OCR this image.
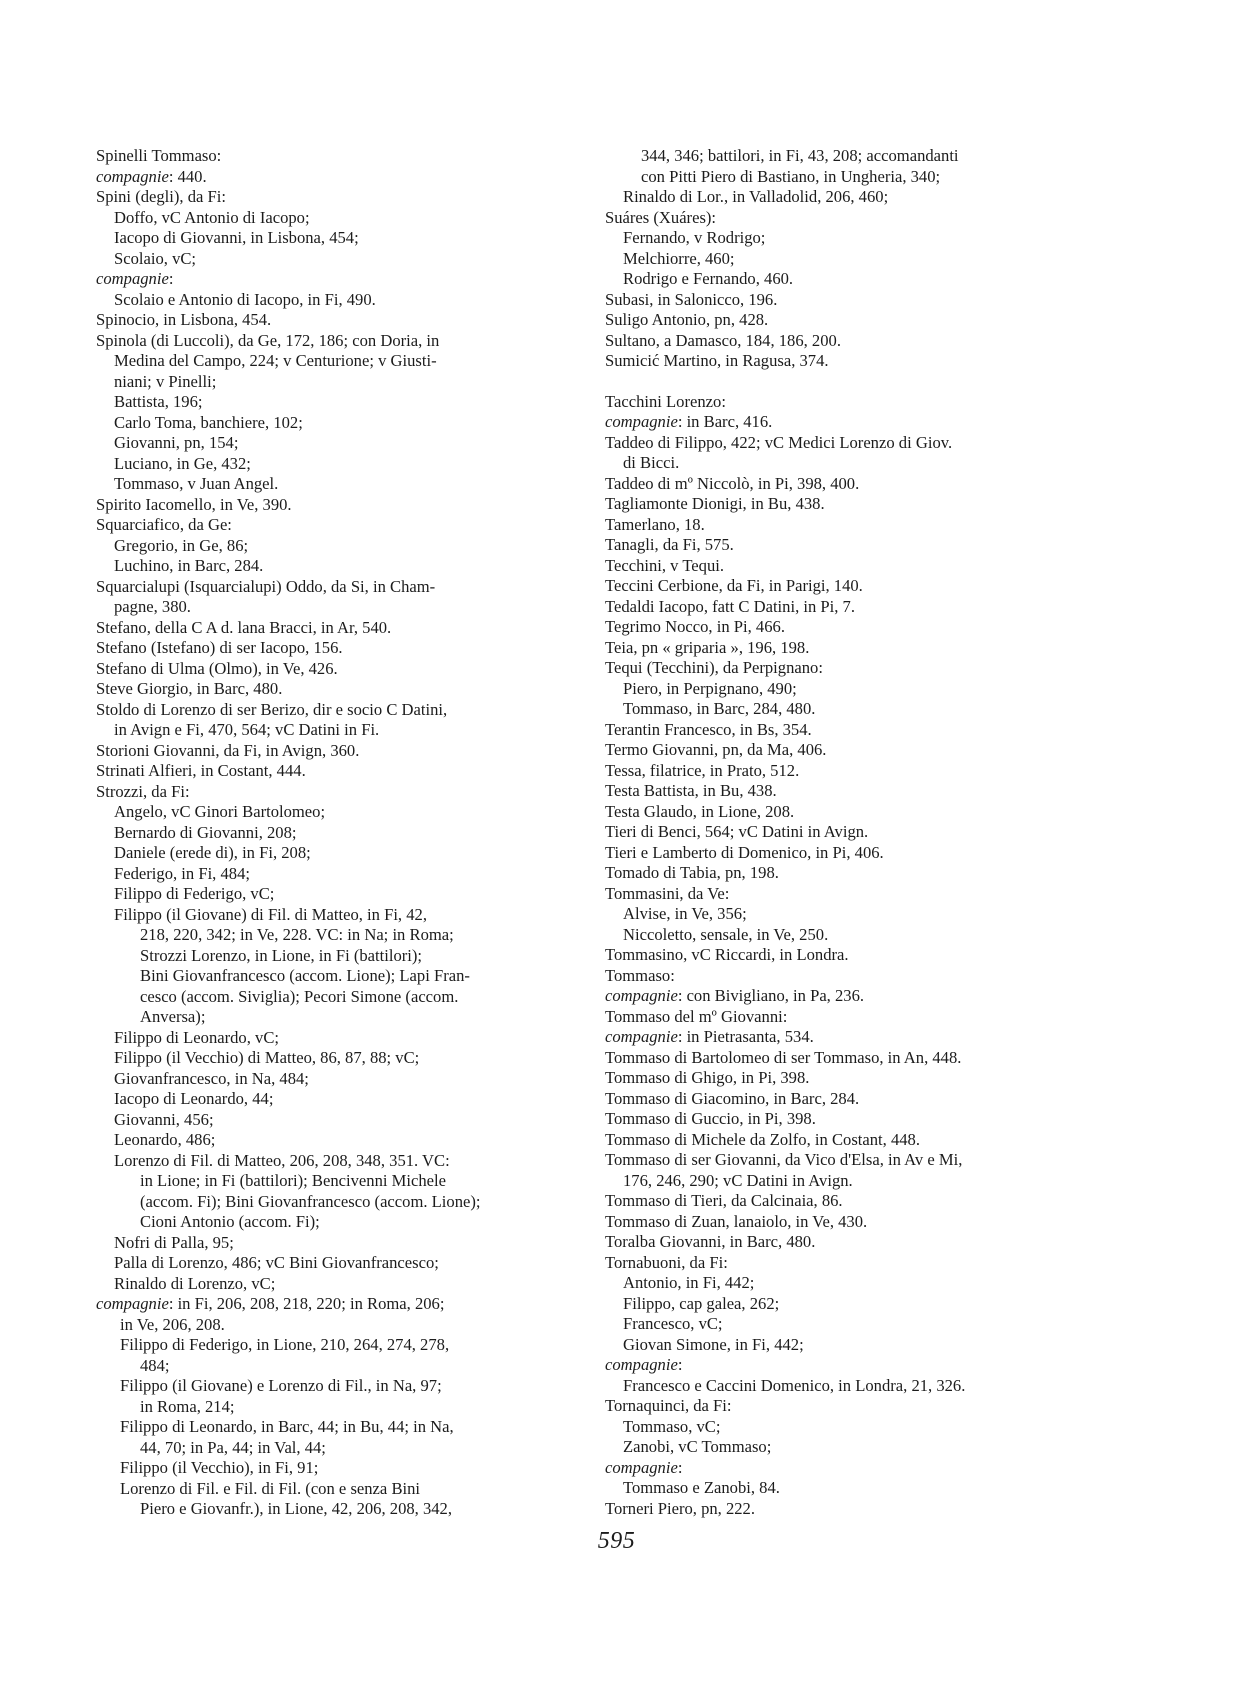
Spinelli Tommaso:
compagnie: 440.
Spini (degli), da Fi:
Doffo, vC Antonio di Iacopo;
Iacopo di Giovanni, in Lisbona, 454;
Scolaio, vC;
compagnie:
Scolaio e Antonio di Iacopo, in Fi, 490.
Spinocio, in Lisbona, 454.
Spinola (di Luccoli), da Ge, 172, 186; con Doria, in
Medina del Campo, 224; v Centurione; v Giusti-
niani; v Pinelli;
Battista, 196;
Carlo Toma, banchiere, 102;
Giovanni, pn, 154;
Luciano, in Ge, 432;
Tommaso, v Juan Angel.
Spirito Iacomello, in Ve, 390.
Squarciafico, da Ge:
Gregorio, in Ge, 86;
Luchino, in Barc, 284.
Squarcialupi (Isquarcialupi) Oddo, da Si, in Cham-
pagne, 380.
Stefano, della C A d. lana Bracci, in Ar, 540.
Stefano (Istefano) di ser Iacopo, 156.
Stefano di Ulma (Olmo), in Ve, 426.
Steve Giorgio, in Barc, 480.
Stoldo di Lorenzo di ser Berizo, dir e socio C Datini,
in Avign e Fi, 470, 564; vC Datini in Fi.
Storioni Giovanni, da Fi, in Avign, 360.
Strinati Alfieri, in Costant, 444.
Strozzi, da Fi:
Angelo, vC Ginori Bartolomeo;
Bernardo di Giovanni, 208;
Daniele (erede di), in Fi, 208;
Federigo, in Fi, 484;
Filippo di Federigo, vC;
Filippo (il Giovane) di Fil. di Matteo, in Fi, 42,
218, 220, 342; in Ve, 228. VC: in Na; in Roma;
Strozzi Lorenzo, in Lione, in Fi (battilori);
Bini Giovanfrancesco (accom. Lione); Lapi Fran-
cesco (accom. Siviglia); Pecori Simone (accom.
Anversa);
Filippo di Leonardo, vC;
Filippo (il Vecchio) di Matteo, 86, 87, 88; vC;
Giovanfrancesco, in Na, 484;
Iacopo di Leonardo, 44;
Giovanni, 456;
Leonardo, 486;
Lorenzo di Fil. di Matteo, 206, 208, 348, 351. VC:
in Lione; in Fi (battilori); Bencivenni Michele
(accom. Fi); Bini Giovanfrancesco (accom. Lione);
Cioni Antonio (accom. Fi);
Nofri di Palla, 95;
Palla di Lorenzo, 486; vC Bini Giovanfrancesco;
Rinaldo di Lorenzo, vC;
compagnie: in Fi, 206, 208, 218, 220; in Roma, 206;
in Ve, 206, 208.
Filippo di Federigo, in Lione, 210, 264, 274, 278,
484;
Filippo (il Giovane) e Lorenzo di Fil., in Na, 97;
in Roma, 214;
Filippo di Leonardo, in Barc, 44; in Bu, 44; in Na,
44, 70; in Pa, 44; in Val, 44;
Filippo (il Vecchio), in Fi, 91;
Lorenzo di Fil. e Fil. di Fil. (con e senza Bini
Piero e Giovanfr.), in Lione, 42, 206, 208, 342,
344, 346; battilori, in Fi, 43, 208; accomandanti
con Pitti Piero di Bastiano, in Ungheria, 340;
Rinaldo di Lor., in Valladolid, 206, 460;
Suáres (Xuáres):
Fernando, v Rodrigo;
Melchiorre, 460;
Rodrigo e Fernando, 460.
Subasi, in Salonicco, 196.
Suligo Antonio, pn, 428.
Sultano, a Damasco, 184, 186, 200.
Sumicić Martino, in Ragusa, 374.
Tacchini Lorenzo:
compagnie: in Barc, 416.
Taddeo di Filippo, 422; vC Medici Lorenzo di Giov.
di Bicci.
Taddeo di mº Niccolò, in Pi, 398, 400.
Tagliamonte Dionigi, in Bu, 438.
Tamerlano, 18.
Tanagli, da Fi, 575.
Tecchini, v Tequi.
Teccini Cerbione, da Fi, in Parigi, 140.
Tedaldi Iacopo, fatt C Datini, in Pi, 7.
Tegrimo Nocco, in Pi, 466.
Teia, pn « griparia », 196, 198.
Tequi (Tecchini), da Perpignano:
Piero, in Perpignano, 490;
Tommaso, in Barc, 284, 480.
Terantin Francesco, in Bs, 354.
Termo Giovanni, pn, da Ma, 406.
Tessa, filatrice, in Prato, 512.
Testa Battista, in Bu, 438.
Testa Glaudo, in Lione, 208.
Tieri di Benci, 564; vC Datini in Avign.
Tieri e Lamberto di Domenico, in Pi, 406.
Tomado di Tabia, pn, 198.
Tommasini, da Ve:
Alvise, in Ve, 356;
Niccoletto, sensale, in Ve, 250.
Tommasino, vC Riccardi, in Londra.
Tommaso:
compagnie: con Bivigliano, in Pa, 236.
Tommaso del mº Giovanni:
compagnie: in Pietrasanta, 534.
Tommaso di Bartolomeo di ser Tommaso, in An, 448.
Tommaso di Ghigo, in Pi, 398.
Tommaso di Giacomino, in Barc, 284.
Tommaso di Guccio, in Pi, 398.
Tommaso di Michele da Zolfo, in Costant, 448.
Tommaso di ser Giovanni, da Vico d'Elsa, in Av e Mi,
176, 246, 290; vC Datini in Avign.
Tommaso di Tieri, da Calcinaia, 86.
Tommaso di Zuan, lanaiolo, in Ve, 430.
Toralba Giovanni, in Barc, 480.
Tornabuoni, da Fi:
Antonio, in Fi, 442;
Filippo, cap galea, 262;
Francesco, vC;
Giovan Simone, in Fi, 442;
compagnie:
Francesco e Caccini Domenico, in Londra, 21, 326.
Tornaquinci, da Fi:
Tommaso, vC;
Zanobi, vC Tommaso;
compagnie:
Tommaso e Zanobi, 84.
Torneri Piero, pn, 222.
595
